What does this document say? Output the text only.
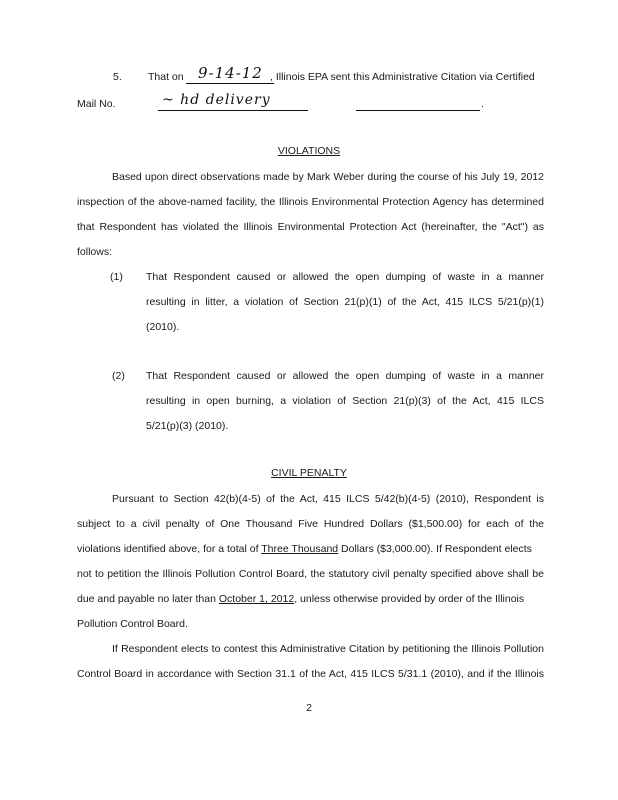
5. That on 9-14-12 , Illinois EPA sent this Administrative Citation via Certified
Mail No.	~ hd delivery	.
VIOLATIONS
Based upon direct observations made by Mark Weber during the course of his July 19, 2012
inspection of the above-named facility, the Illinois Environmental Protection Agency has determined
that Respondent has violated the Illinois Environmental Protection Act (hereinafter, the "Act") as
follows:
(1) That Respondent caused or allowed the open dumping of waste in a manner
resulting in litter, a violation of Section 21(p)(1) of the Act, 415 ILCS 5/21(p)(1)
(2010).
(2) That Respondent caused or allowed the open dumping of waste in a manner
resulting in open burning, a violation of Section 21(p)(3) of the Act, 415 ILCS
5/21(p)(3) (2010).
CIVIL PENALTY
Pursuant to Section 42(b)(4-5) of the Act, 415 ILCS 5/42(b)(4-5) (2010), Respondent is
subject to a civil penalty of One Thousand Five Hundred Dollars ($1,500.00) for each of the
violations identified above, for a total of Three Thousand Dollars ($3,000.00). If Respondent elects
not to petition the Illinois Pollution Control Board, the statutory civil penalty specified above shall be
due and payable no later than October 1, 2012, unless otherwise provided by order of the Illinois
Pollution Control Board.
If Respondent elects to contest this Administrative Citation by petitioning the Illinois Pollution
Control Board in accordance with Section 31.1 of the Act, 415 ILCS 5/31.1 (2010), and if the Illinois
2
